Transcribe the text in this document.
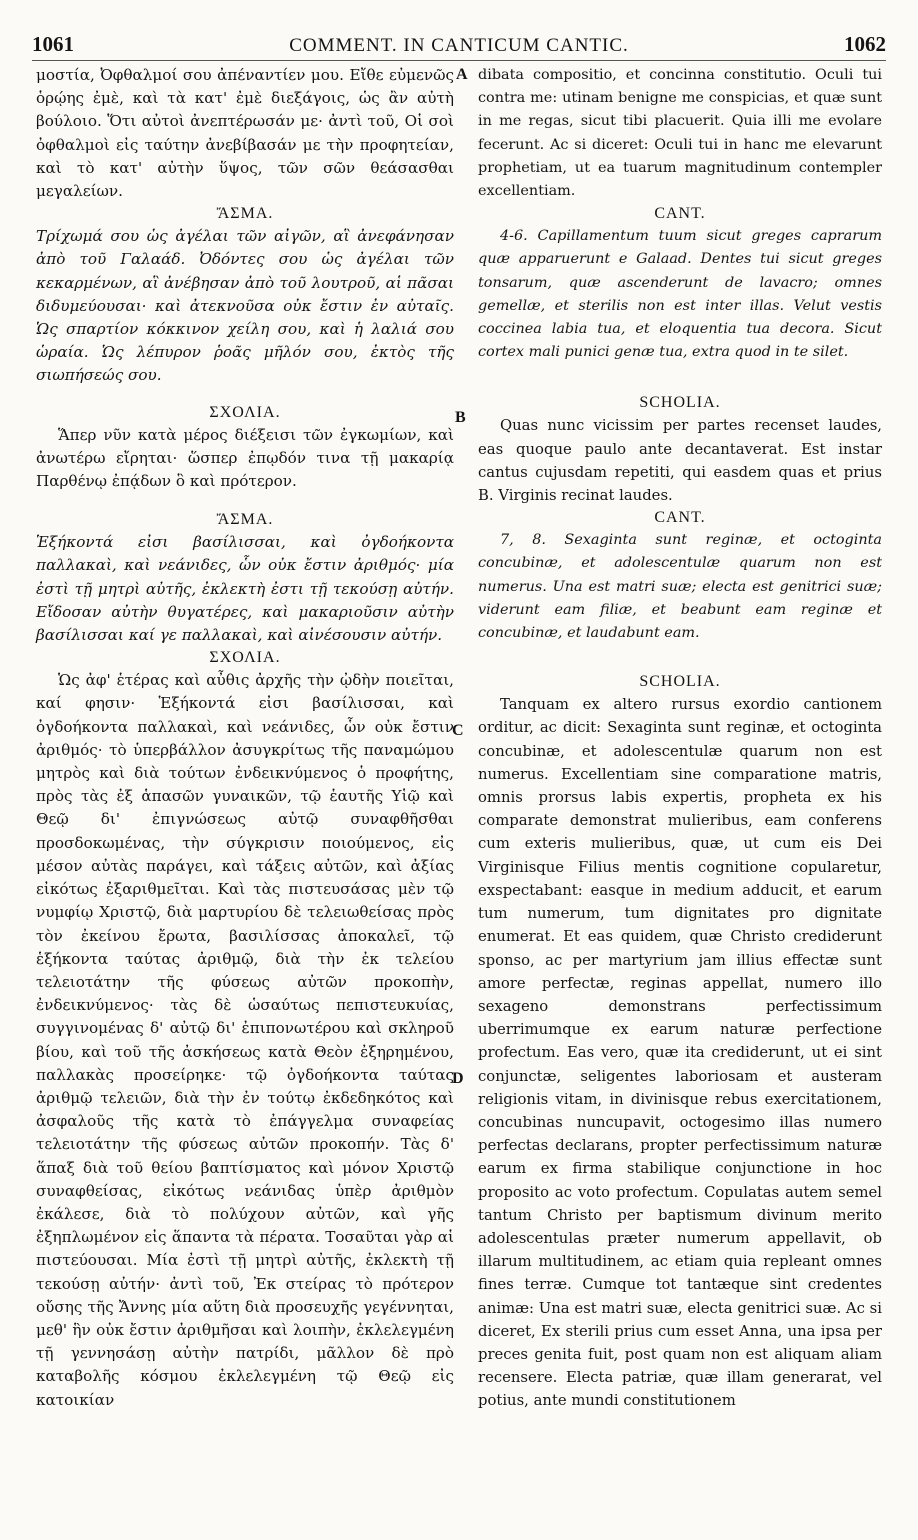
1061	COMMENT. IN CANTICUM CANTIC.	1062
A
B
C
D

μοστία, Ὀφθαλμοί σου ἀπέναντίεν μου. Εἴθε εὐμενῶς ὁρῴης ἐμὲ, καὶ τὰ κατ' ἐμὲ διεξάγοις, ὡς ἂν αὐτὴ βούλοιο. Ὅτι αὐτοὶ ἀνεπτέρωσάν με· ἀντὶ τοῦ, Οἱ σοὶ ὀφθαλμοὶ εἰς ταύτην ἀνεβίβασάν με τὴν προφητείαν, καὶ τὸ κατ' αὐτὴν ὕψος, τῶν σῶν θεάσασθαι μεγαλείων.

ἌΣΜΑ.

Τρίχωμά σου ὡς ἀγέλαι τῶν αἰγῶν, αἳ ἀνεφάνησαν ἀπὸ τοῦ Γαλαάδ. Ὀδόντες σου ὡς ἀγέλαι τῶν κεκαρμένων, αἳ ἀνέβησαν ἀπὸ τοῦ λουτροῦ, αἱ πᾶσαι διδυμεύουσαι· καὶ ἀτεκνοῦσα οὐκ ἔστιν ἐν αὐταῖς. Ὡς σπαρτίον κόκκινον χείλη σου, καὶ ἡ λαλιά σου ὡραία. Ὡς λέπυρον ῥοᾶς μῆλόν σου, ἐκτὸς τῆς σιωπήσεώς σου.

ΣΧΟΛΙΑ.

Ἅπερ νῦν κατὰ μέρος διέξεισι τῶν ἐγκωμίων, καὶ ἀνωτέρω εἴρηται· ὥσπερ ἐπῳδόν τινα τῇ μακαρίᾳ Παρθένῳ ἐπᾴδων ὃ καὶ πρότερον.

ἌΣΜΑ.

Ἑξήκοντά εἰσι βασίλισσαι, καὶ ὀγδοήκοντα παλλακαὶ, καὶ νεάνιδες, ὧν οὐκ ἔστιν ἀριθμός· μία ἐστὶ τῇ μητρὶ αὐτῆς, ἐκλεκτὴ ἐστι τῇ τεκούσῃ αὐτήν. Εἴδοσαν αὐτὴν θυγατέρες, καὶ μακαριοῦσιν αὐτὴν βασίλισσαι καί γε παλλακαὶ, καὶ αἰνέσουσιν αὐτήν.

ΣΧΟΛΙΑ.

Ὡς ἀφ' ἑτέρας καὶ αὖθις ἀρχῆς τὴν ᾠδὴν ποιεῖται, καί φησιν· Ἑξήκοντά εἰσι βασίλισσαι, καὶ ὀγδοήκοντα παλλακαὶ, καὶ νεάνιδες, ὧν οὐκ ἔστιν ἀριθμός· τὸ ὑπερβάλλον ἀσυγκρίτως τῆς παναμώμου μητρὸς καὶ διὰ τούτων ἐνδεικνύμενος ὁ προφήτης, πρὸς τὰς ἐξ ἁπασῶν γυναικῶν, τῷ ἑαυτῆς Υἱῷ καὶ Θεῷ δι' ἐπιγνώσεως αὐτῷ συναφθῆσθαι προσδοκωμένας, τὴν σύγκρισιν ποιούμενος, εἰς μέσον αὐτὰς παράγει, καὶ τάξεις αὐτῶν, καὶ ἀξίας εἰκότως ἐξαριθμεῖται. Καὶ τὰς πιστευσάσας μὲν τῷ νυμφίῳ Χριστῷ, διὰ μαρτυρίου δὲ τελειωθείσας πρὸς τὸν ἐκείνου ἔρωτα, βασιλίσσας ἀποκαλεῖ, τῷ ἑξήκοντα ταύτας ἀριθμῷ, διὰ τὴν ἐκ τελείου τελειοτάτην τῆς φύσεως αὐτῶν προκοπὴν, ἐνδεικνύμενος· τὰς δὲ ὡσαύτως πεπιστευκυίας, συγγινομένας δ' αὐτῷ δι' ἐπιπονωτέρου καὶ σκληροῦ βίου, καὶ τοῦ τῆς ἀσκήσεως κατὰ Θεὸν ἐξηρημένου, παλλακὰς προσείρηκε· τῷ ὀγδοήκοντα ταύτας ἀριθμῷ τελειῶν, διὰ τὴν ἐν τούτῳ ἐκδεδηκότος καὶ ἀσφαλοῦς τῆς κατὰ τὸ ἐπάγγελμα συναφείας τελειοτάτην τῆς φύσεως αὐτῶν προκοπήν. Τὰς δ' ἅπαξ διὰ τοῦ θείου βαπτίσματος καὶ μόνον Χριστῷ συναφθείσας, εἰκότως νεάνιδας ὑπὲρ ἀριθμὸν ἐκάλεσε, διὰ τὸ πολύχουν αὐτῶν, καὶ γῆς ἐξηπλωμένον εἰς ἅπαντα τὰ πέρατα. Τοσαῦται γὰρ αἱ πιστεύουσαι. Μία ἐστὶ τῇ μητρὶ αὐτῆς, ἐκλεκτὴ τῇ τεκούσῃ αὐτήν· ἀντὶ τοῦ, Ἐκ στείρας τὸ πρότερον οὔσης τῆς Ἄννης μία αὕτη διὰ προσευχῆς γεγέννηται, μεθ' ἣν οὐκ ἔστιν ἀριθμῆσαι καὶ λοιπὴν, ἐκλελεγμένη τῇ γεννησάσῃ αὐτὴν πατρίδι, μᾶλλον δὲ πρὸ καταβολῆς κόσμου ἐκλελεγμένη τῷ Θεῷ εἰς κατοικίαν

dibata compositio, et concinna constitutio. Oculi tui contra me: utinam benigne me conspicias, et quæ sunt in me regas, sicut tibi placuerit. Quia illi me evolare fecerunt. Ac si diceret: Oculi tui in hanc me elevarunt prophetiam, ut ea tuarum magnitudinum contempler excellentiam.

CANT.

4-6. Capillamentum tuum sicut greges caprarum quæ apparuerunt e Galaad. Dentes tui sicut greges tonsarum, quæ ascenderunt de lavacro; omnes gemellæ, et sterilis non est inter illas. Velut vestis coccinea labia tua, et eloquentia tua decora. Sicut cortex mali punici genæ tua, extra quod in te silet.

SCHOLIA.

Quas nunc vicissim per partes recenset laudes, eas quoque paulo ante decantaverat. Est instar cantus cujusdam repetiti, qui easdem quas et prius B. Virginis recinat laudes.

CANT.

7, 8. Sexaginta sunt reginæ, et octoginta concubinæ, et adolescentulæ quarum non est numerus. Una est matri suæ; electa est genitrici suæ; viderunt eam filiæ, et beabunt eam reginæ et concubinæ, et laudabunt eam.

SCHOLIA.

Tanquam ex altero rursus exordio cantionem orditur, ac dicit: Sexaginta sunt reginæ, et octoginta concubinæ, et adolescentulæ quarum non est numerus. Excellentiam sine comparatione matris, omnis prorsus labis expertis, propheta ex his comparate demonstrat mulieribus, eam conferens cum exteris mulieribus, quæ, ut cum eis Dei Virginisque Filius mentis cognitione copularetur, exspectabant: easque in medium adducit, et earum tum numerum, tum dignitates pro dignitate enumerat. Et eas quidem, quæ Christo crediderunt sponso, ac per martyrium jam illius effectæ sunt amore perfectæ, reginas appellat, numero illo sexageno demonstrans perfectissimum uberrimumque ex earum naturæ perfectione profectum. Eas vero, quæ ita crediderunt, ut ei sint conjunctæ, seligentes laboriosam et austeram religionis vitam, in divinisque rebus exercitationem, concubinas nuncupavit, octogesimo illas numero perfectas declarans, propter perfectissimum naturæ earum ex firma stabilique conjunctione in hoc proposito ac voto profectum. Copulatas autem semel tantum Christo per baptismum divinum merito adolescentulas præter numerum appellavit, ob illarum multitudinem, ac etiam quia repleant omnes fines terræ. Cumque tot tantæque sint credentes animæ: Una est matri suæ, electa genitrici suæ. Ac si diceret, Ex sterili prius cum esset Anna, una ipsa per preces genita fuit, post quam non est aliquam aliam recensere. Electa patriæ, quæ illam generarat, vel potius, ante mundi constitutionem
